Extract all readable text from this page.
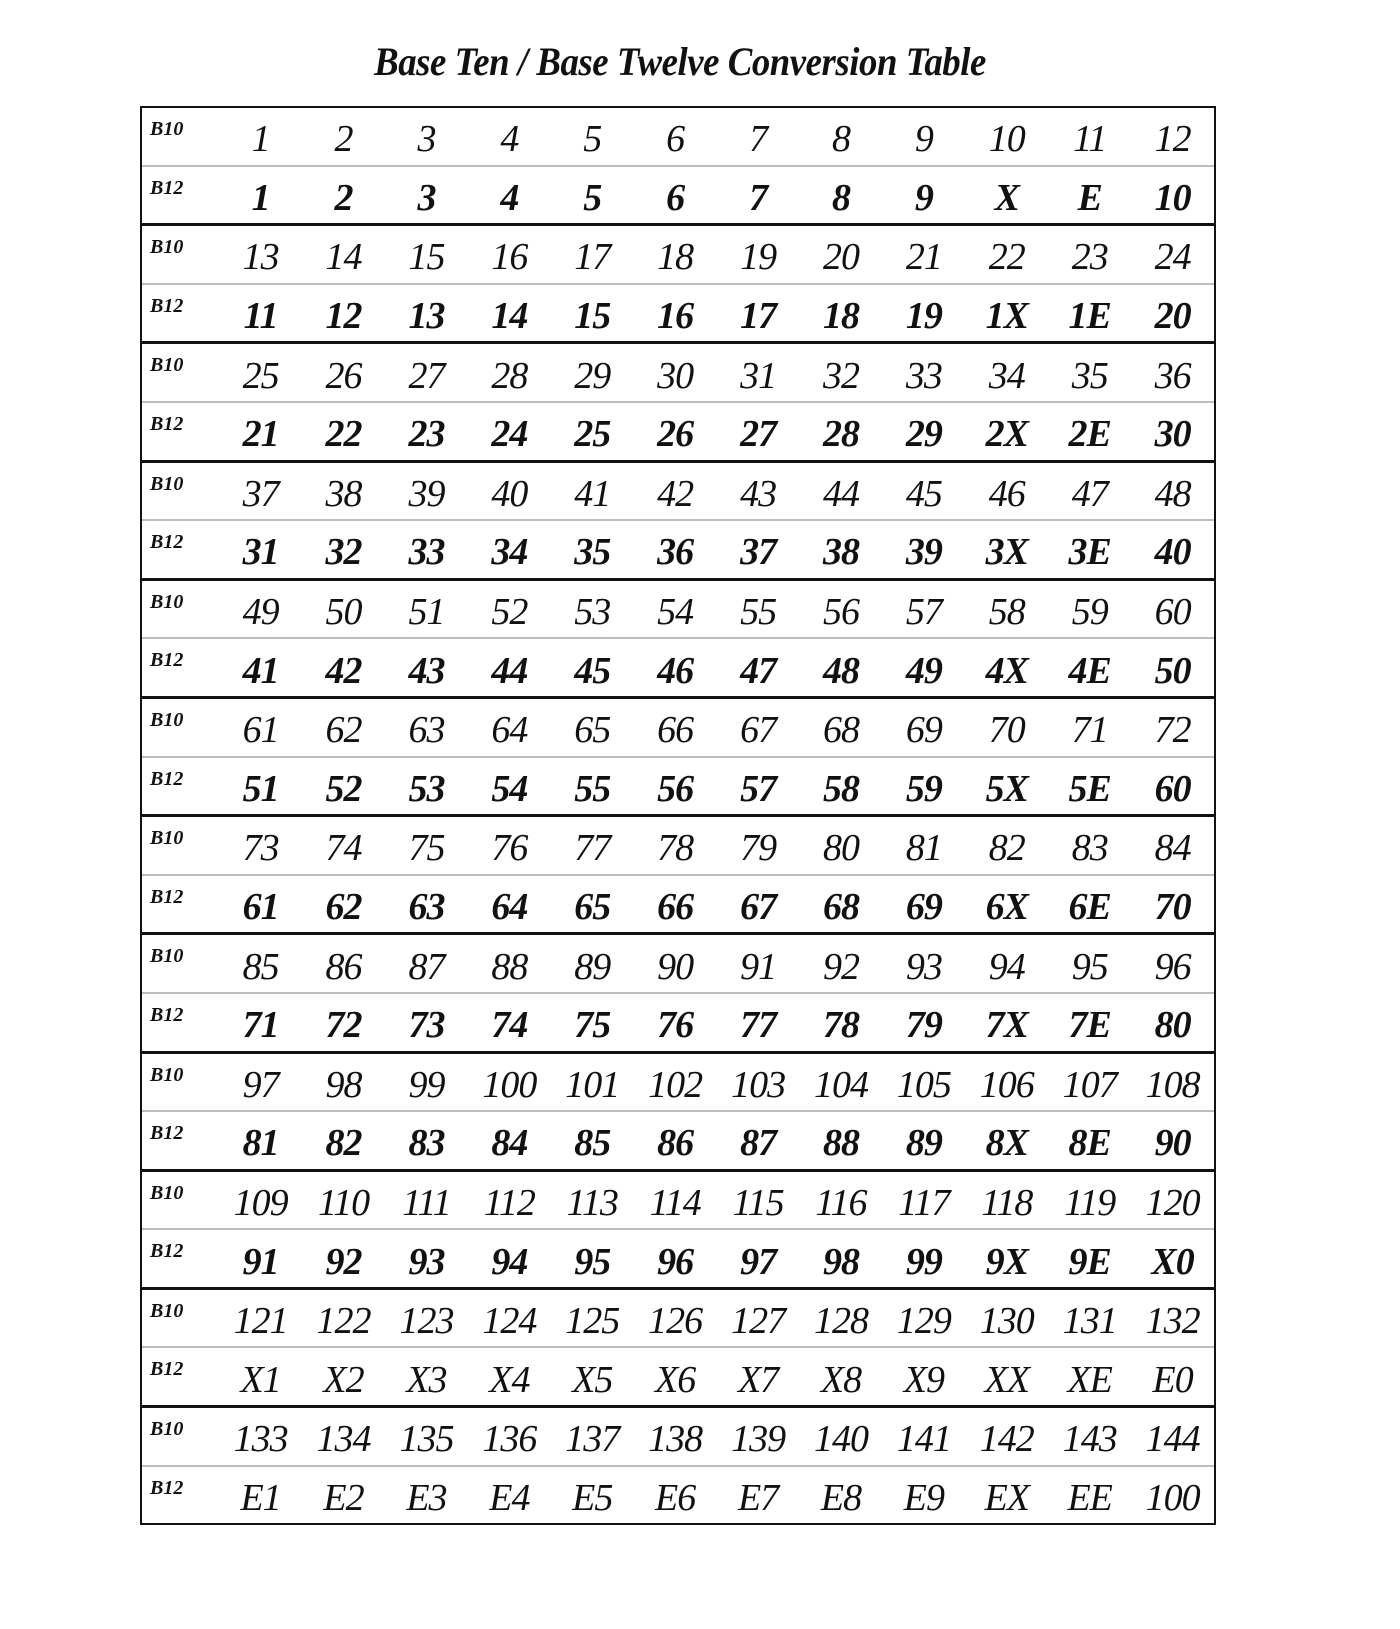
Base Ten / Base Twelve Conversion Table
B10	1	2	3	4	5	6	7	8	9	10	11	12
B12	1	2	3	4	5	6	7	8	9	X	E	10
B10	13	14	15	16	17	18	19	20	21	22	23	24
B12	11	12	13	14	15	16	17	18	19	1X	1E	20
B10	25	26	27	28	29	30	31	32	33	34	35	36
B12	21	22	23	24	25	26	27	28	29	2X	2E	30
B10	37	38	39	40	41	42	43	44	45	46	47	48
B12	31	32	33	34	35	36	37	38	39	3X	3E	40
B10	49	50	51	52	53	54	55	56	57	58	59	60
B12	41	42	43	44	45	46	47	48	49	4X	4E	50
B10	61	62	63	64	65	66	67	68	69	70	71	72
B12	51	52	53	54	55	56	57	58	59	5X	5E	60
B10	73	74	75	76	77	78	79	80	81	82	83	84
B12	61	62	63	64	65	66	67	68	69	6X	6E	70
B10	85	86	87	88	89	90	91	92	93	94	95	96
B12	71	72	73	74	75	76	77	78	79	7X	7E	80
B10	97	98	99 100 101 102 103 104 105 106 107 108
B12	81	82	83	84	85	86	87	88	89	8X	8E	90
B10	109 110 111 112 113 114 115 116 117 118 119 120
B12	91	92	93	94	95	96	97	98	99	9X	9E	X0
B10	121 122 123 124 125 126 127 128 129 130 131 132
B12	X1	X2	X3	X4	X5	X6	X7	X8	X9	XX	XE	E0
B10	133 134 135 136 137 138 139 140 141 142 143 144
B12	E1	E2	E3	E4	E5	E6	E7	E8	E9	EX	EE 100
